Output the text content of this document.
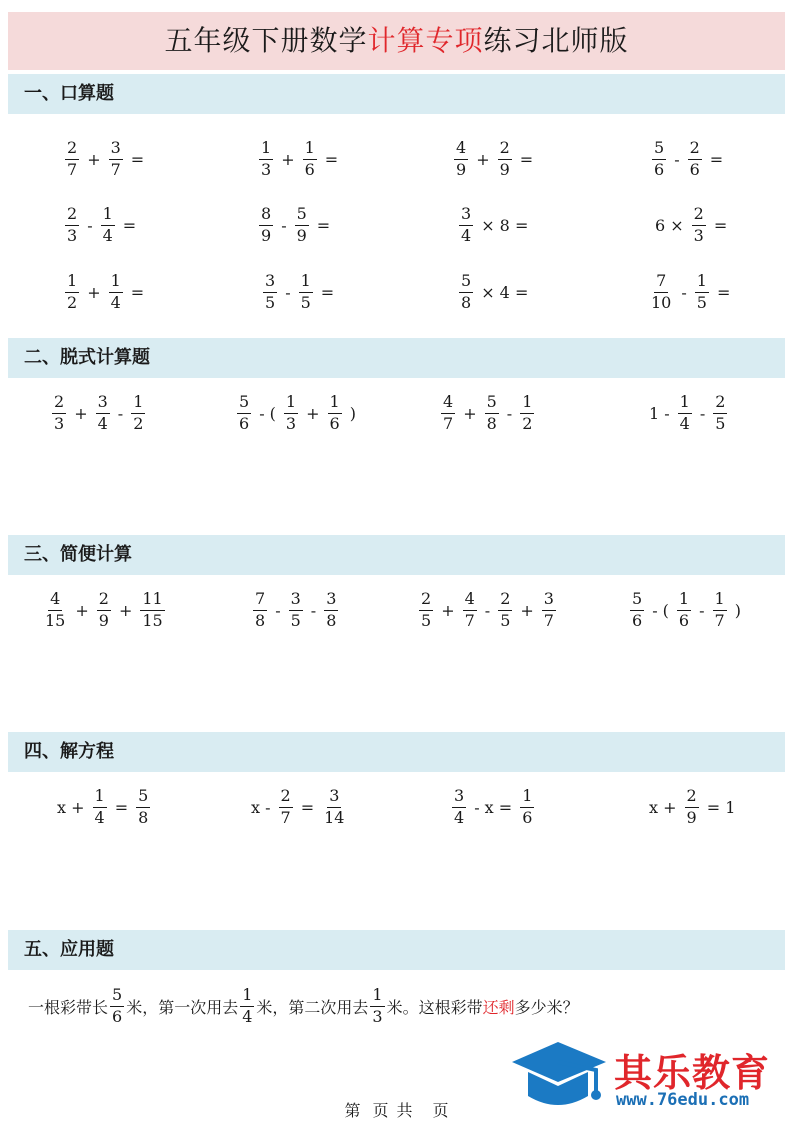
五年级下册数学计算专项练习北师版
一、口算题
$\frac{2}{7} + \frac{3}{7}$ =	$\frac{1}{3} + \frac{1}{6}$ =	$\frac{4}{9} + \frac{2}{9}$ =	$\frac{5}{6} - \frac{2}{6}$ =
$\frac{2}{3} - \frac{1}{4}$ =	$\frac{8}{9} - \frac{5}{9}$ =	$\frac{3}{4} \times 8$ =	$6 \times \frac{2}{3}$ =
$\frac{1}{2} + \frac{1}{4}$ =	$\frac{3}{5} - \frac{1}{5}$ =	$\frac{5}{8} \times 4$ =	$\frac{7}{10} - \frac{1}{5}$ =
二、脱式计算题
$\frac{2}{3} + \frac{3}{4} - \frac{1}{2}$	$\frac{5}{6}$ - ( $\frac{1}{3} + \frac{1}{6}$ )	$\frac{4}{7} + \frac{5}{8} - \frac{1}{2}$	$1 - \frac{1}{4} - \frac{2}{5}$
三、简便计算
$\frac{4}{15} + \frac{2}{9} + \frac{11}{15}$	$\frac{7}{8} - \frac{3}{5} - \frac{3}{8}$	$\frac{2}{5} + \frac{4}{7} - \frac{2}{5} + \frac{3}{7}$	$\frac{5}{6}$ - ( $\frac{1}{6} - \frac{1}{7}$ )
四、解方程
$x + \frac{1}{4} = \frac{5}{8}$	$x - \frac{2}{7} = \frac{3}{14}$	$\frac{3}{4} - x = \frac{1}{6}$	$x + \frac{2}{9} = 1$
五、应用题
一根彩带长 $\frac{5}{6}$ 米，第一次用去 $\frac{1}{4}$ 米，第二次用去 $\frac{1}{3}$ 米。这根彩带 还剩 多少米？
第 页 共 页
其乐教育
www.76edu.com
